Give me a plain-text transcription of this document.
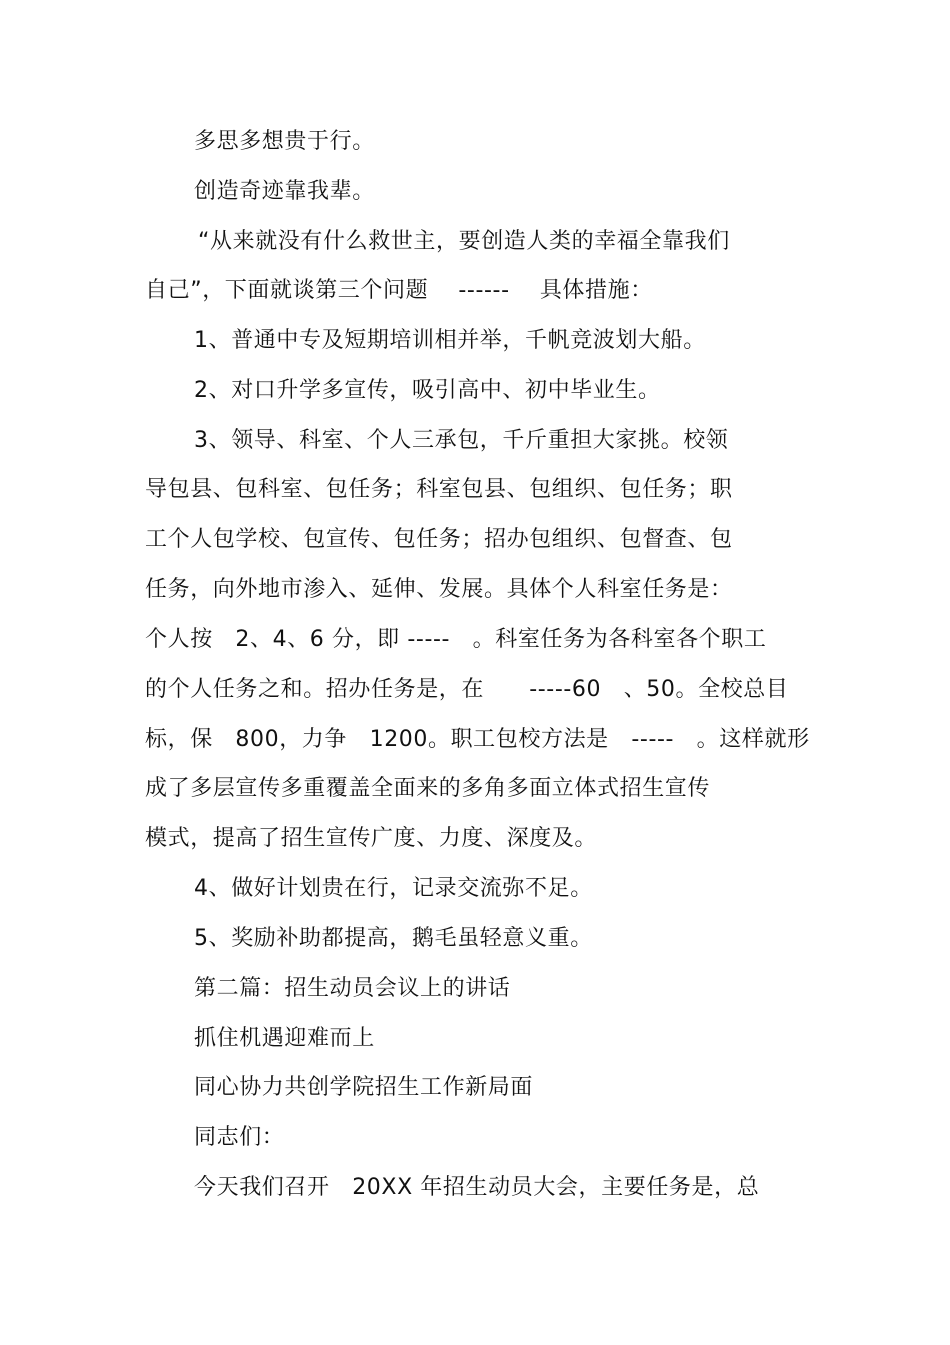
多思多想贵于行。
创造奇迹靠我辈。
“从来就没有什么救世主，要创造人类的幸福全靠我们
自己”，下面就谈第三个问题　 ------　 具体措施：
1、普通中专及短期培训相并举，千帆竞波划大船。
2、对口升学多宣传，吸引高中、初中毕业生。
3、领导、科室、个人三承包，千斤重担大家挑。校领
导包县、包科室、包任务；科室包县、包组织、包任务；职
工个人包学校、包宣传、包任务；招办包组织、包督查、包
任务，向外地市渗入、延伸、发展。具体个人科室任务是：
个人按　2、4、6 分，即 -----　。科室任务为各科室各个职工
的个人任务之和。招办任务是，在　　-----60　、50。全校总目
标，保　800，力争　1200。职工包校方法是　-----　。这样就形
成了多层宣传多重覆盖全面来的多角多面立体式招生宣传
模式，提高了招生宣传广度、力度、深度及。
4、做好计划贵在行，记录交流弥不足。
5、奖励补助都提高，鹅毛虽轻意义重。
第二篇：招生动员会议上的讲话
抓住机遇迎难而上
同心协力共创学院招生工作新局面
同志们：
今天我们召开　20XX 年招生动员大会，主要任务是，总
